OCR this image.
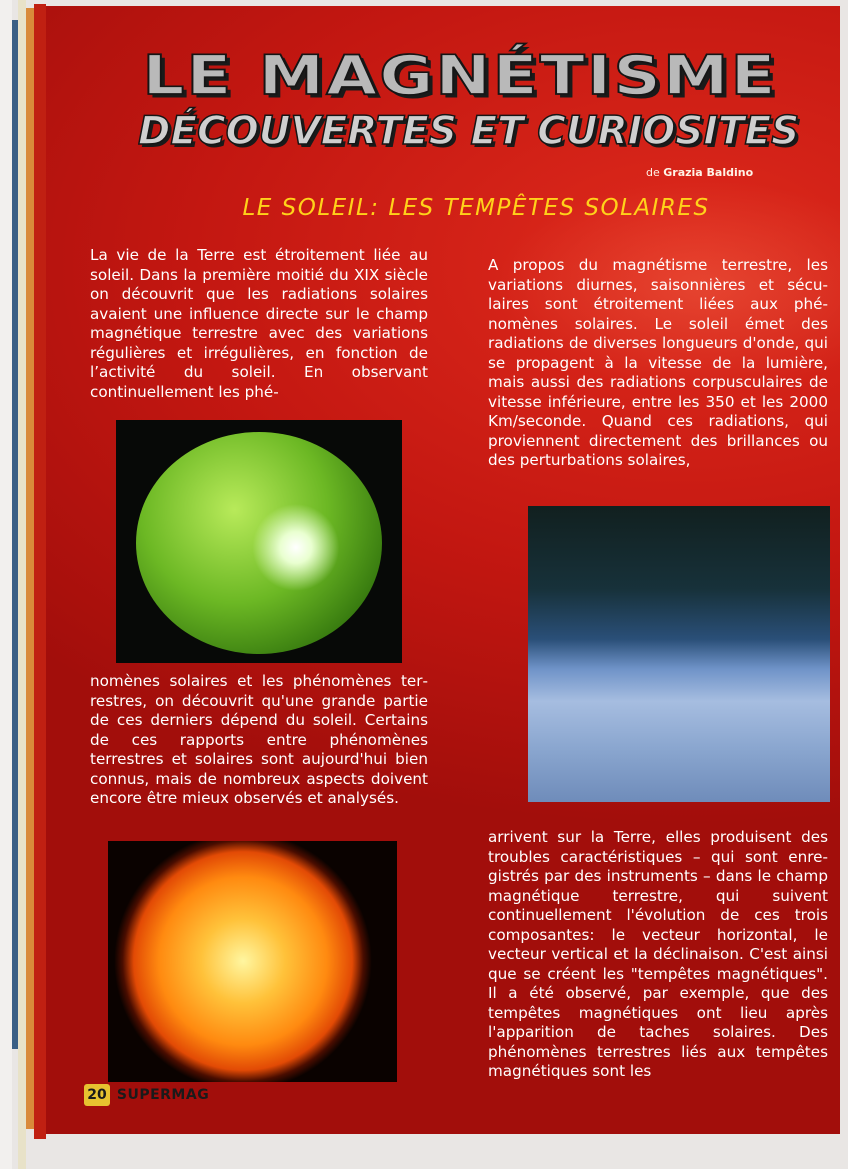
LE MAGNÉTISME
DÉCOUVERTES ET CURIOSITES
de Grazia Baldino
LE SOLEIL: LES TEMPÊTES SOLAIRES

La vie de la Terre est étroitement liée au soleil. Dans la première moitié du XIX siècle on découvrit que les radiations solaires avaient une influence directe sur le champ magnétique terrestre avec des variations régulières et irrégulières, en fonction de l’activité du soleil. En observant continuellement les phé-

nomènes solaires et les phénomènes terrestres, on découvrit qu'une grande partie de ces derniers dépend du soleil. Certains de ces rapports entre phénomènes terrestres et solaires sont aujourd'hui bien connus, mais de nombreux aspects doivent encore être mieux observés et analysés.

A propos du magnétisme terrestre, les variations diurnes, saisonnières et séculaires sont étroitement liées aux phénomènes solaires. Le soleil émet des radiations de diverses longueurs d'onde, qui se propagent à la vitesse de la lumière, mais aussi des radiations corpusculaires de vitesse inférieure, entre les 350 et les 2000 Km/seconde. Quand ces radiations, qui proviennent directement des brillances ou des perturbations solaires,

arrivent sur la Terre, elles produisent des troubles caractéristiques – qui sont enregistrés par des instruments – dans le champ magnétique terrestre, qui suivent continuellement l'évolution de ces trois composantes: le vecteur horizontal, le vecteur vertical et la déclinaison. C'est ainsi que se créent les "tempêtes magnétiques". Il a été observé, par exemple, que des tempêtes magnétiques ont lieu après l'apparition de taches solaires. Des phénomènes terrestres liés aux tempêtes magnétiques sont les

20 SUPERMAG
